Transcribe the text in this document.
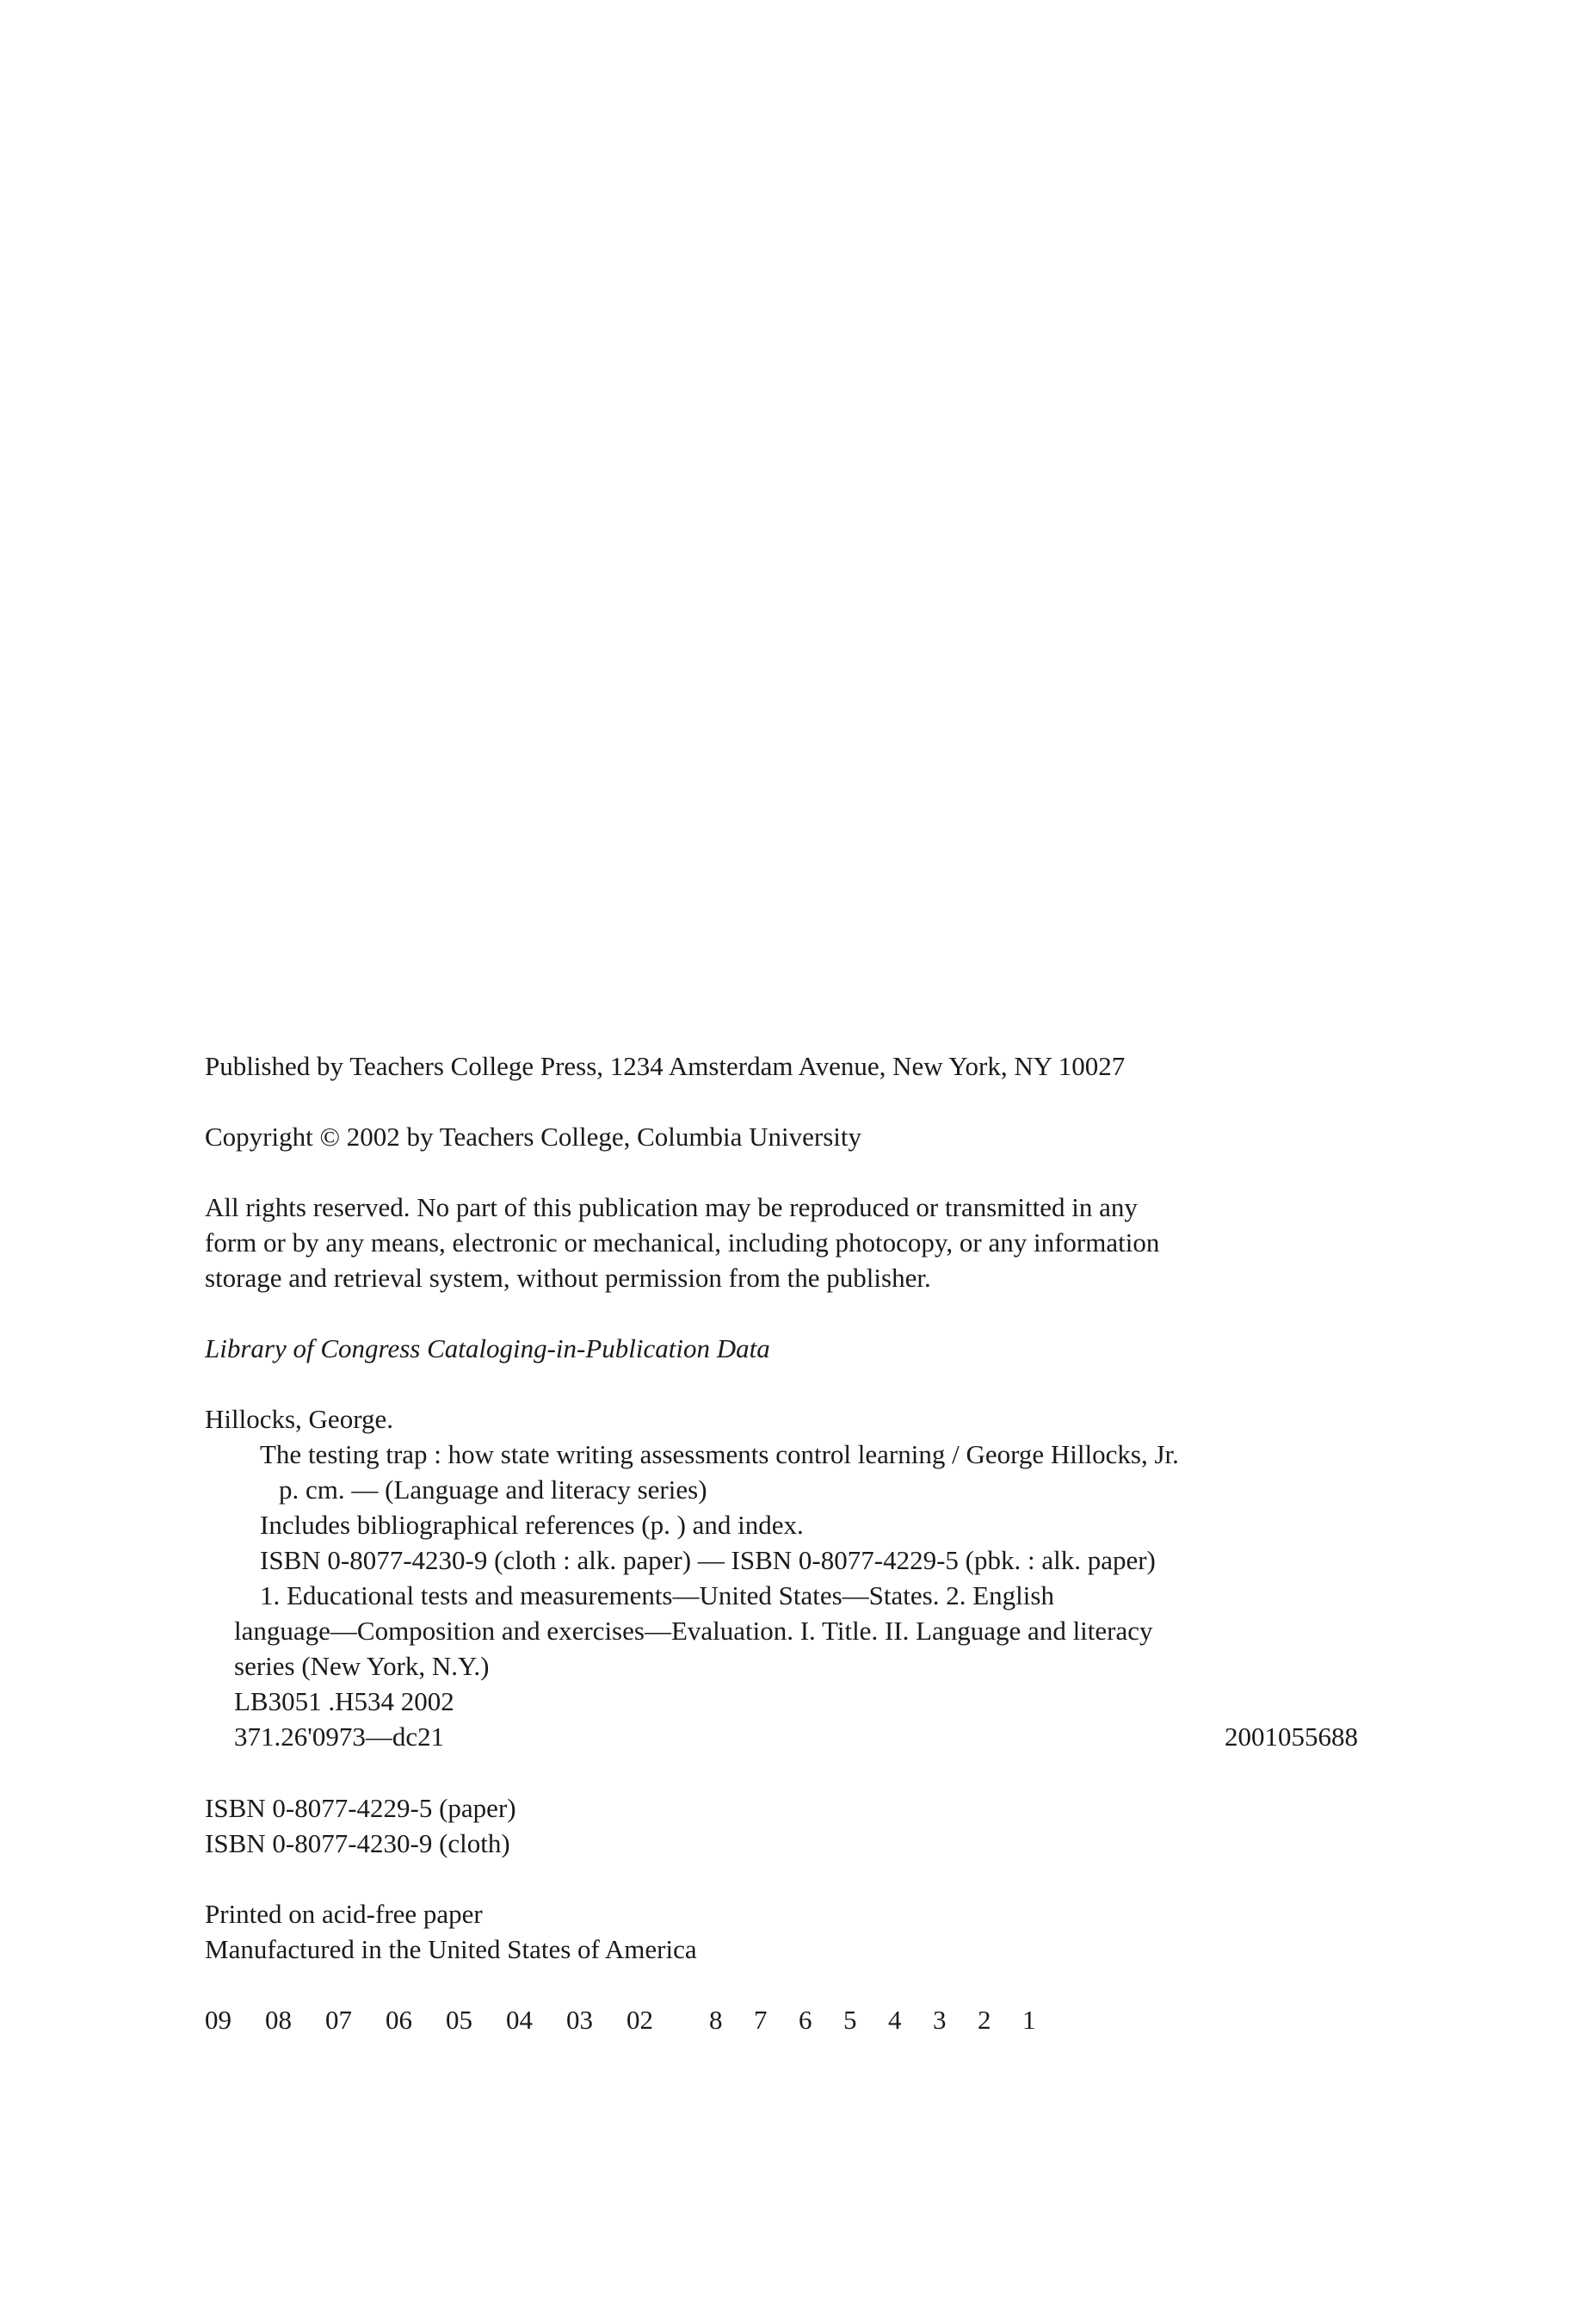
Published by Teachers College Press, 1234 Amsterdam Avenue, New York, NY 10027
Copyright © 2002 by Teachers College, Columbia University
All rights reserved. No part of this publication may be reproduced or transmitted in any
form or by any means, electronic or mechanical, including photocopy, or any information
storage and retrieval system, without permission from the publisher.
Library of Congress Cataloging-in-Publication Data
Hillocks, George.
The testing trap : how state writing assessments control learning / George Hillocks, Jr.
p. cm. — (Language and literacy series)
Includes bibliographical references (p. ) and index.
ISBN 0-8077-4230-9 (cloth : alk. paper) — ISBN 0-8077-4229-5 (pbk. : alk. paper)
1. Educational tests and measurements—United States—States. 2. English
language—Composition and exercises—Evaluation. I. Title. II. Language and literacy
series (New York, N.Y.)
LB3051 .H534 2002
371.26'0973—dc21	2001055688
ISBN 0-8077-4229-5 (paper)
ISBN 0-8077-4230-9 (cloth)
Printed on acid-free paper
Manufactured in the United States of America
09	08	07	06	05	04	03	02	8	7	6	5	4	3	2	1
